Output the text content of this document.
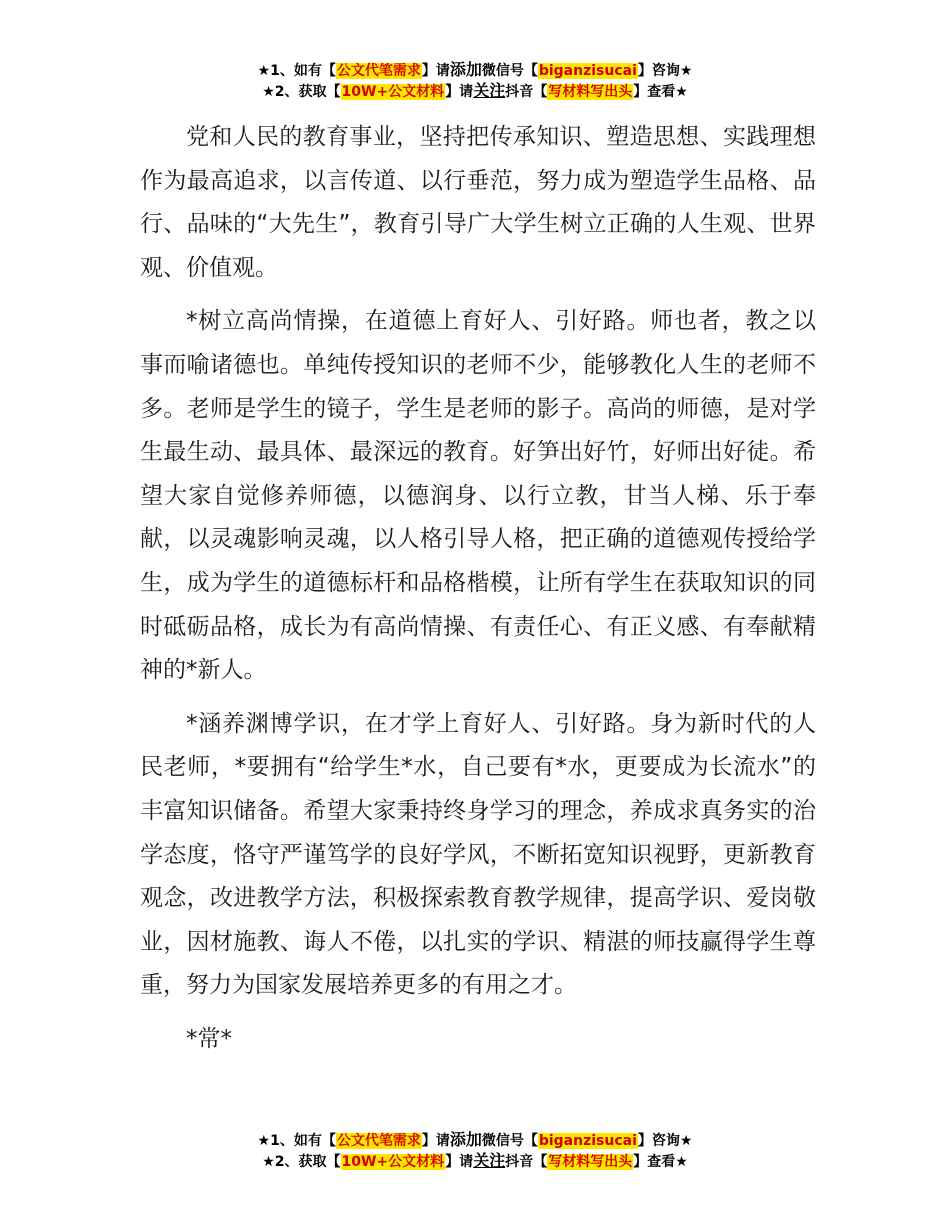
★1、如有【公文代笔需求】请添加微信号【biganzisucai】咨询★
★2、获取【10W+公文材料】请关注抖音【写材料写出头】查看★

党和人民的教育事业，坚持把传承知识、塑造思想、实践理想作为最高追求，以言传道、以行垂范，努力成为塑造学生品格、品行、品味的“大先生”，教育引导广大学生树立正确的人生观、世界观、价值观。

*树立高尚情操，在道德上育好人、引好路。师也者，教之以事而喻诸德也。单纯传授知识的老师不少，能够教化人生的老师不多。老师是学生的镜子，学生是老师的影子。高尚的师德，是对学生最生动、最具体、最深远的教育。好笋出好竹，好师出好徒。希望大家自觉修养师德，以德润身、以行立教，甘当人梯、乐于奉献，以灵魂影响灵魂，以人格引导人格，把正确的道德观传授给学生，成为学生的道德标杆和品格楷模，让所有学生在获取知识的同时砥砺品格，成长为有高尚情操、有责任心、有正义感、有奉献精神的*新人。

*涵养渊博学识，在才学上育好人、引好路。身为新时代的人民老师，*要拥有“给学生*水，自己要有*水，更要成为长流水”的丰富知识储备。希望大家秉持终身学习的理念，养成求真务实的治学态度，恪守严谨笃学的良好学风，不断拓宽知识视野，更新教育观念，改进教学方法，积极探索教育教学规律，提高学识、爱岗敬业，因材施教、诲人不倦，以扎实的学识、精湛的师技赢得学生尊重，努力为国家发展培养更多的有用之才。

*常*

★1、如有【公文代笔需求】请添加微信号【biganzisucai】咨询★
★2、获取【10W+公文材料】请关注抖音【写材料写出头】查看★
